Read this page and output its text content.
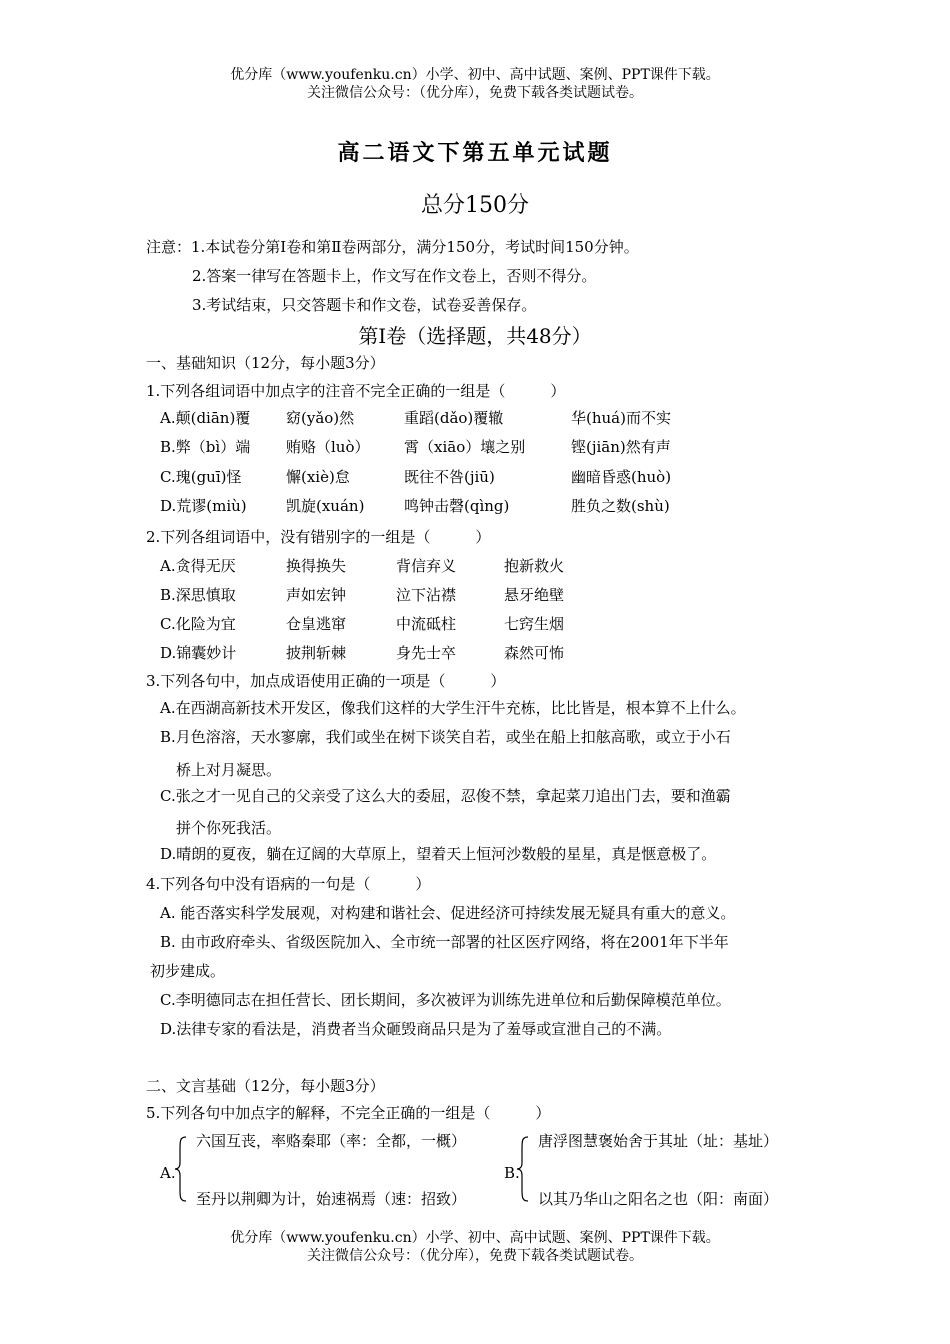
优分库（www.youfenku.cn）小学、初中、高中试题、案例、PPT课件下载。
关注微信公众号：（优分库），免费下载各类试题试卷。
高二语文下第五单元试题
总分150分
注意：1.本试卷分第Ⅰ卷和第Ⅱ卷两部分，满分150分，考试时间150分钟。
2.答案一律写在答题卡上，作文写在作文卷上，否则不得分。
3.考试结束，只交答题卡和作文卷，试卷妥善保存。
第Ⅰ卷（选择题，共48分）
一、基础知识（12分，每小题3分）
1.下列各组词语中加点字的注音不完全正确的一组是（　　　）
A.颠(diān)覆 窈(yǎo)然	重蹈(dǎo)覆辙	华(huá)而不实
B.弊（bì）端 贿赂（luò） 霄（xiāo）壤之别	铿(jiān)然有声
C.瑰(guī)怪	懈(xiè)怠	既往不咎(jiū)	幽暗昏惑(huò)
D.荒谬(miù)	凯旋(xuán)	鸣钟击磬(qìng)	胜负之数(shù)
2.下列各组词语中，没有错别字的一组是（　　　）
A.贪得无厌	换得换失	背信弃义	抱新救火
B.深思慎取	声如宏钟	泣下沾襟	悬牙绝壁
C.化险为宜	仓皇逃窜	中流砥柱	七窍生烟
D.锦囊妙计	披荆斩棘	身先士卒	森然可怖
3.下列各句中，加点成语使用正确的一项是（　　　）
A.在西湖高新技术开发区，像我们这样的大学生汗牛充栋，比比皆是，根本算不上什么。
B.月色溶溶，天水寥廓，我们或坐在树下谈笑自若，或坐在船上扣舷高歌，或立于小石
桥上对月凝思。
C.张之才一见自己的父亲受了这么大的委屈，忍俊不禁，拿起菜刀追出门去，要和渔霸
拼个你死我活。
D.晴朗的夏夜，躺在辽阔的大草原上，望着天上恒河沙数般的星星，真是惬意极了。
4.下列各句中没有语病的一句是（　　　）
A. 能否落实科学发展观，对构建和谐社会、促进经济可持续发展无疑具有重大的意义。
B. 由市政府牵头、省级医院加入、全市统一部署的社区医疗网络，将在2001年下半年
初步建成。
C.李明德同志在担任营长、团长期间，多次被评为训练先进单位和后勤保障模范单位。
D.法律专家的看法是，消费者当众砸毁商品只是为了羞辱或宣泄自己的不满。
二、文言基础（12分，每小题3分）
5.下列各句中加点字的解释，不完全正确的一组是（　　　）
A.
六国互丧，率赂秦耶（率：全都，一概）
至丹以荆卿为计，始速祸焉（速：招致）
B.
唐浮图慧褒始舍于其址（址：基址）
以其乃华山之阳名之也（阳：南面）
优分库（www.youfenku.cn）小学、初中、高中试题、案例、PPT课件下载。
关注微信公众号：（优分库），免费下载各类试题试卷。
